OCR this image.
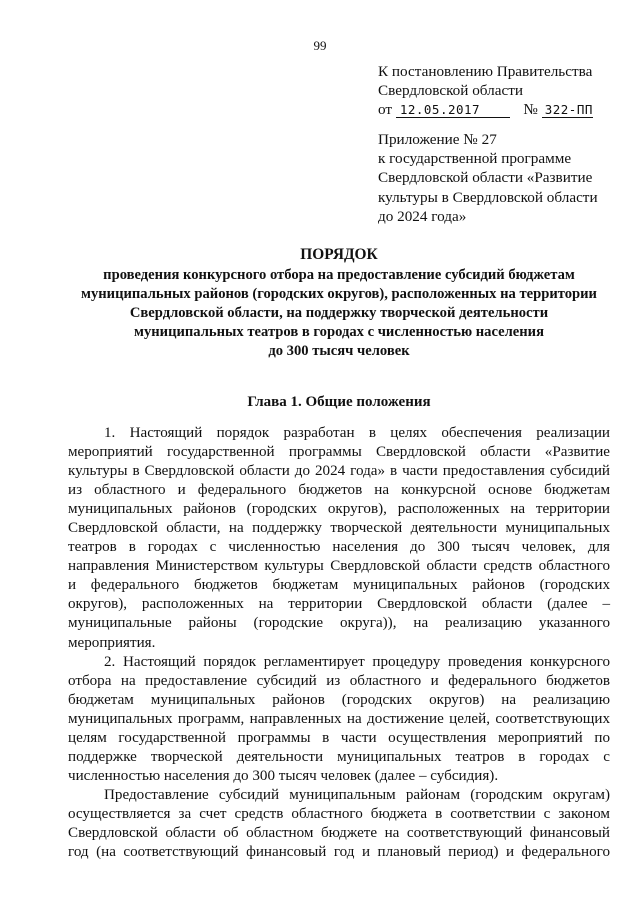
99
К постановлению Правительства
Свердловской области
от 12.05.2017	№ 322-ПП
Приложение № 27
к государственной программе
Свердловской области «Развитие
культуры в Свердловской области
до 2024 года»
ПОРЯДОК
проведения конкурсного отбора на предоставление субсидий бюджетам
муниципальных районов (городских округов), расположенных на территории
Свердловской области, на поддержку творческой деятельности
муниципальных театров в городах с численностью населения
до 300 тысяч человек
Глава 1. Общие положения
1. Настоящий порядок разработан в целях обеспечения реализации
мероприятий государственной программы Свердловской области «Развитие
культуры в Свердловской области до 2024 года» в части предоставления субсидий
из областного и федерального бюджетов на конкурсной основе бюджетам
муниципальных районов (городских округов), расположенных на территории
Свердловской области, на поддержку творческой деятельности муниципальных
театров в городах с численностью населения до 300 тысяч человек, для
направления Министерством культуры Свердловской области средств областного
и федерального бюджетов бюджетам муниципальных районов (городских
округов), расположенных на территории Свердловской области (далее –
муниципальные районы (городские округа)), на реализацию указанного
мероприятия.
2. Настоящий порядок регламентирует процедуру проведения конкурсного
отбора на предоставление субсидий из областного и федерального бюджетов
бюджетам муниципальных районов (городских округов) на реализацию
муниципальных программ, направленных на достижение целей, соответствующих
целям государственной программы в части осуществления мероприятий по
поддержке творческой деятельности муниципальных театров в городах с
численностью населения до 300 тысяч человек (далее – субсидия).
Предоставление субсидий муниципальным районам (городским округам)
осуществляется за счет средств областного бюджета в соответствии с законом
Свердловской области об областном бюджете на соответствующий финансовый
год (на соответствующий финансовый год и плановый период) и федерального
